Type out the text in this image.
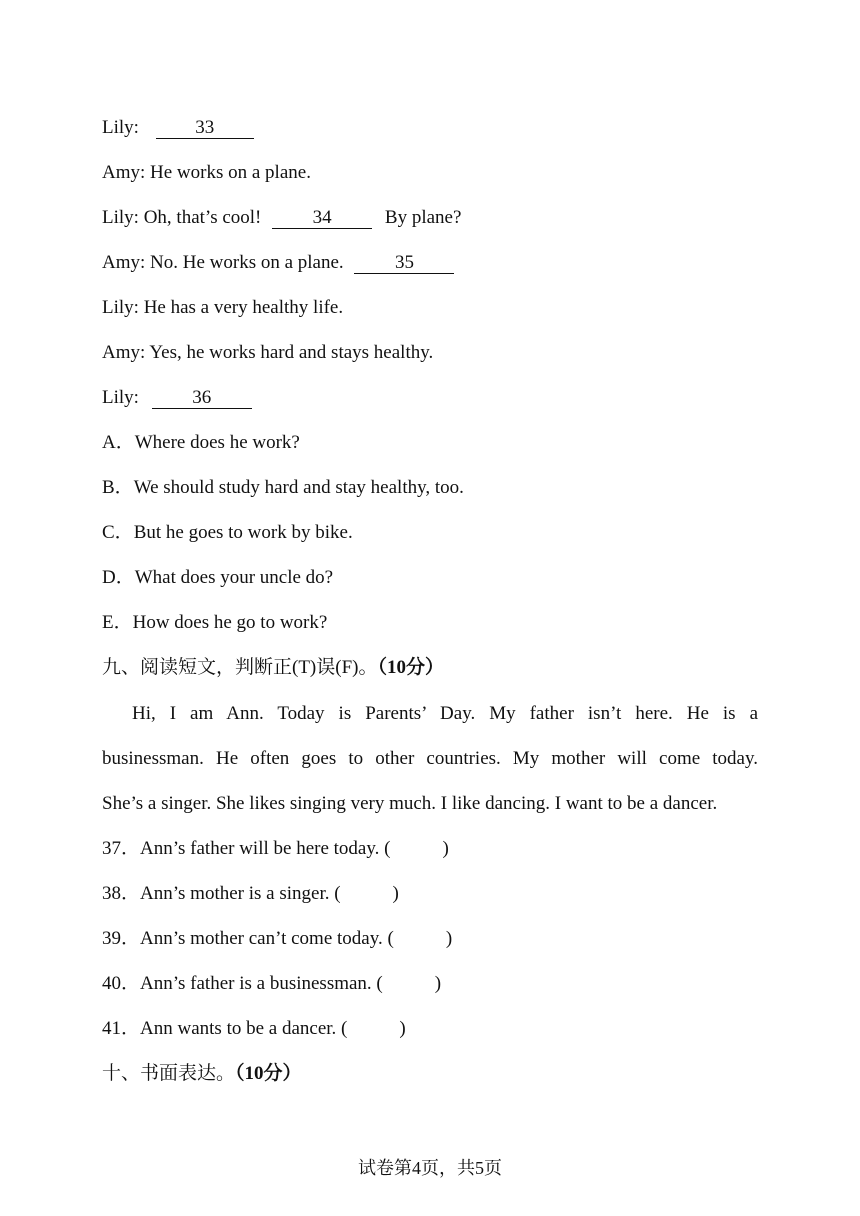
Lily:	33
Amy: He works on a plane.
Lily: Oh, that’s cool!	34	By plane?
Amy: No. He works on a plane.	35
Lily: He has a very healthy life.
Amy: Yes, he works hard and stays healthy.
Lily:	36
A．Where does he work?
B．We should study hard and stay healthy, too.
C．But he goes to work by bike.
D．What does your uncle do?
E．How does he go to work?
九、阅读短文，判断正(T)误(F)。（10分）
Hi, I am Ann. Today is Parents’ Day. My father isn’t here. He is a
businessman. He often goes to other countries. My mother will come today.
She’s a singer. She likes singing very much. I like dancing. I want to be a dancer.
37．Ann’s father will be here today. (	)
38．Ann’s mother is a singer. (	)
39．Ann’s mother can’t come today. (	)
40．Ann’s father is a businessman. (	)
41．Ann wants to be a dancer. (	)
十、书面表达。（10分）
试卷第4页，共5页
